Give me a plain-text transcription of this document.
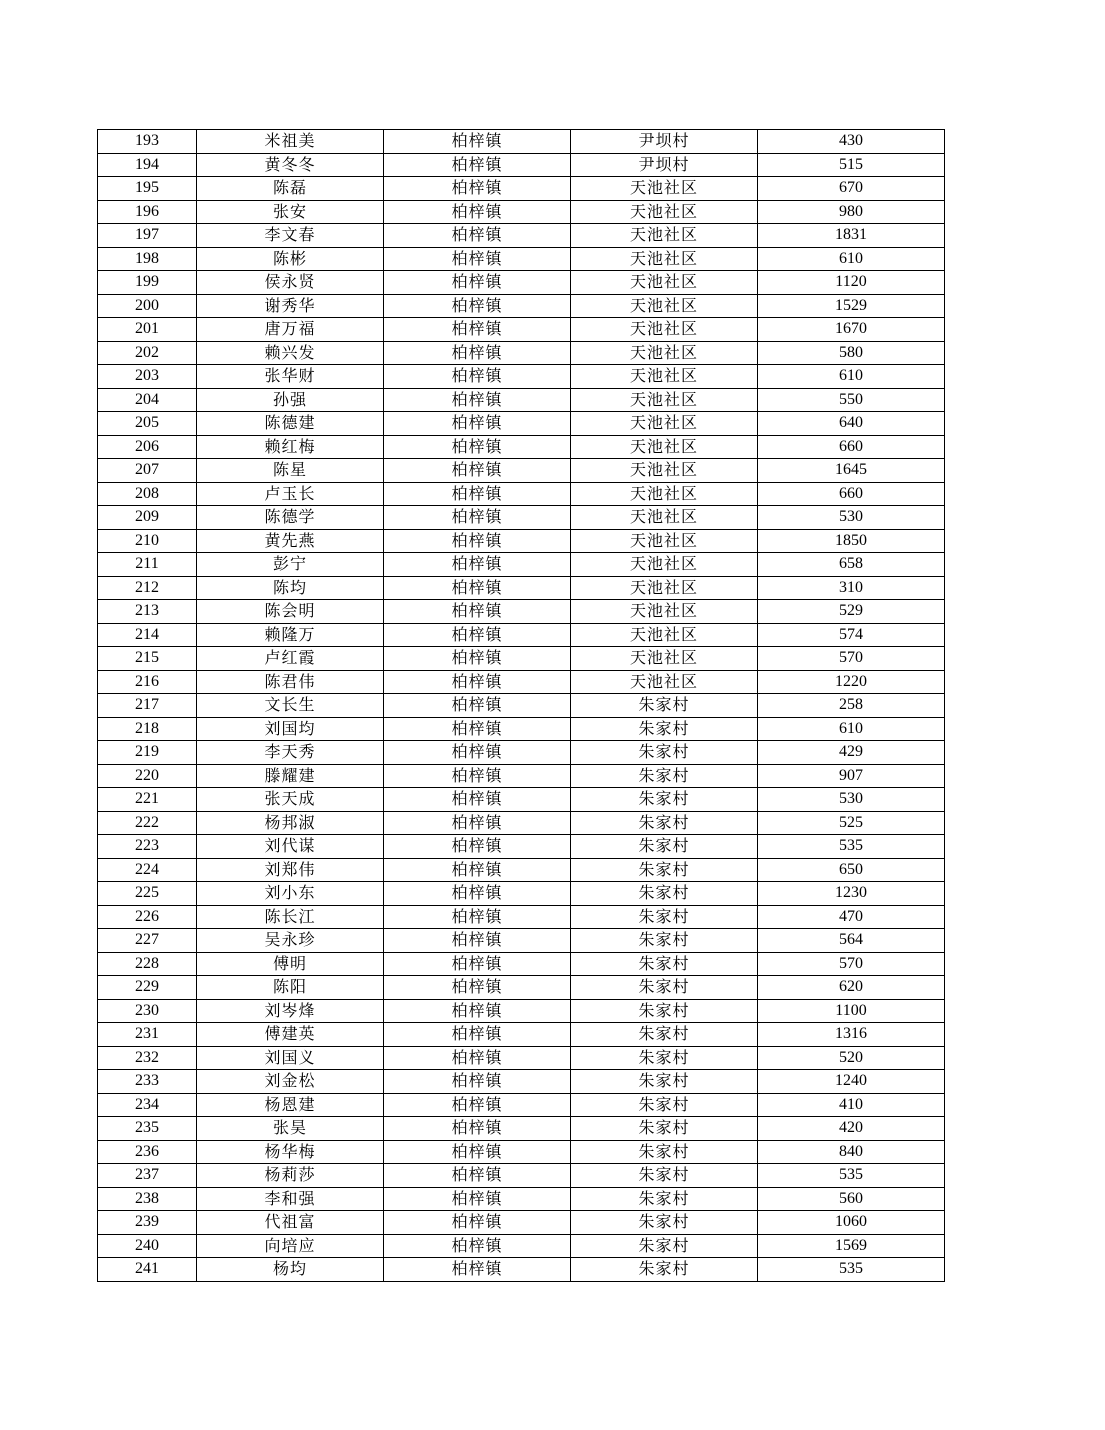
193	米祖美	柏梓镇	尹坝村	430
194	黄冬冬	柏梓镇	尹坝村	515
195	陈磊	柏梓镇	天池社区	670
196	张安	柏梓镇	天池社区	980
197	李文春	柏梓镇	天池社区	1831
198	陈彬	柏梓镇	天池社区	610
199	侯永贤	柏梓镇	天池社区	1120
200	谢秀华	柏梓镇	天池社区	1529
201	唐万福	柏梓镇	天池社区	1670
202	赖兴发	柏梓镇	天池社区	580
203	张华财	柏梓镇	天池社区	610
204	孙强	柏梓镇	天池社区	550
205	陈德建	柏梓镇	天池社区	640
206	赖红梅	柏梓镇	天池社区	660
207	陈星	柏梓镇	天池社区	1645
208	卢玉长	柏梓镇	天池社区	660
209	陈德学	柏梓镇	天池社区	530
210	黄先燕	柏梓镇	天池社区	1850
211	彭宁	柏梓镇	天池社区	658
212	陈均	柏梓镇	天池社区	310
213	陈会明	柏梓镇	天池社区	529
214	赖隆万	柏梓镇	天池社区	574
215	卢红霞	柏梓镇	天池社区	570
216	陈君伟	柏梓镇	天池社区	1220
217	文长生	柏梓镇	朱家村	258
218	刘国均	柏梓镇	朱家村	610
219	李天秀	柏梓镇	朱家村	429
220	滕耀建	柏梓镇	朱家村	907
221	张天成	柏梓镇	朱家村	530
222	杨邦淑	柏梓镇	朱家村	525
223	刘代谋	柏梓镇	朱家村	535
224	刘郑伟	柏梓镇	朱家村	650
225	刘小东	柏梓镇	朱家村	1230
226	陈长江	柏梓镇	朱家村	470
227	吴永珍	柏梓镇	朱家村	564
228	傅明	柏梓镇	朱家村	570
229	陈阳	柏梓镇	朱家村	620
230	刘岑烽	柏梓镇	朱家村	1100
231	傅建英	柏梓镇	朱家村	1316
232	刘国义	柏梓镇	朱家村	520
233	刘金松	柏梓镇	朱家村	1240
234	杨恩建	柏梓镇	朱家村	410
235	张昊	柏梓镇	朱家村	420
236	杨华梅	柏梓镇	朱家村	840
237	杨莉莎	柏梓镇	朱家村	535
238	李和强	柏梓镇	朱家村	560
239	代祖富	柏梓镇	朱家村	1060
240	向培应	柏梓镇	朱家村	1569
241	杨均	柏梓镇	朱家村	535
